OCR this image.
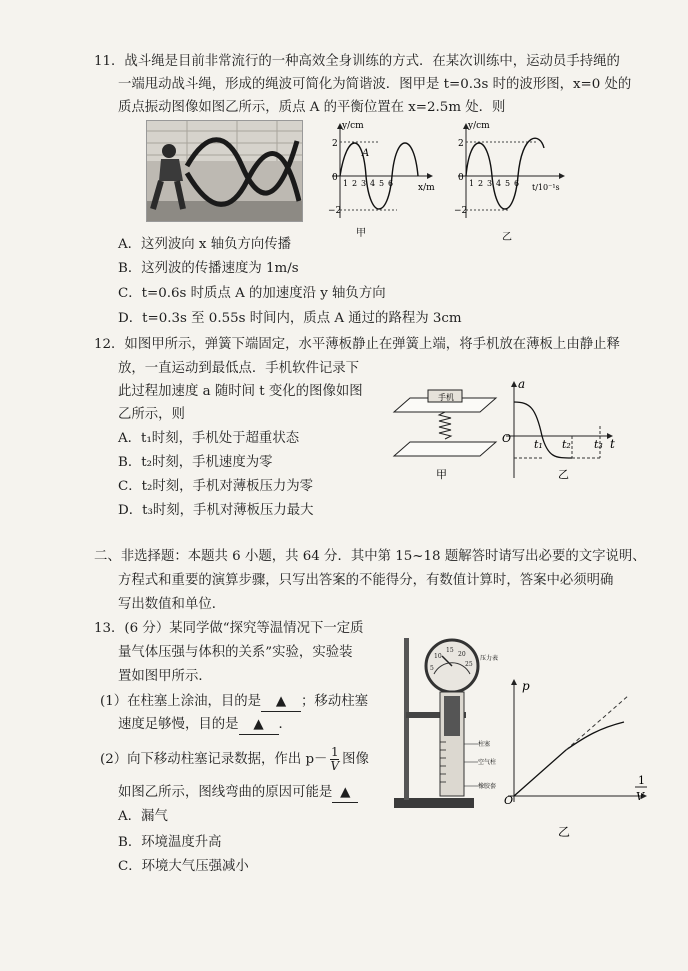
11．战斗绳是目前非常流行的一种高效全身训练的方式．在某次训练中，运动员手持绳的
一端甩动战斗绳，形成的绳波可简化为简谐波．图甲是 t=0.3s 时的波形图，x=0 处的
质点振动图像如图乙所示，质点 A 的平衡位置在 x=2.5m 处．则
y/cm
x/m
A
2
−2
0
1 2 3 4 5 6
甲
y/cm
t/10⁻¹s
2
−2
0
1 2 3 4 5 6
乙
A．这列波向 x 轴负方向传播
B．这列波的传播速度为 1m/s
C．t=0.6s 时质点 A 的加速度沿 y 轴负方向
D．t=0.3s 至 0.55s 时间内，质点 A 通过的路程为 3cm
12．如图甲所示，弹簧下端固定，水平薄板静止在弹簧上端，将手机放在薄板上由静止释
放，一直运动到最低点．手机软件记录下
此过程加速度 a 随时间 t 变化的图像如图
乙所示，则
A．t₁时刻，手机处于超重状态
B．t₂时刻，手机速度为零
C．t₂时刻，手机对薄板压力为零
D．t₃时刻，手机对薄板压力最大
手机
甲
a
t
O t₁ t₂ t₃
乙
二、非选择题：本题共 6 小题，共 64 分．其中第 15~18 题解答时请写出必要的文字说明、
方程式和重要的演算步骤，只写出答案的不能得分，有数值计算时，答案中必须明确
写出数值和单位．
13．(6 分）某同学做“探究等温情况下一定质
量气体压强与体积的关系”实验，实验装
置如图甲所示．
(1）在柱塞上涂油，目的是 ▲ ；移动柱塞
速度足够慢，目的是 ▲ ．
(2）向下移动柱塞记录数据，作出 $p- \frac{1}{V}$ 图像
如图乙所示，图线弯曲的原因可能是 ▲
A．漏气
B．环境温度升高
C．环境大气压强减小
5
10
15
20
25
压力表
柱塞
空气柱
橡胶套
p
O
1
V
乙
